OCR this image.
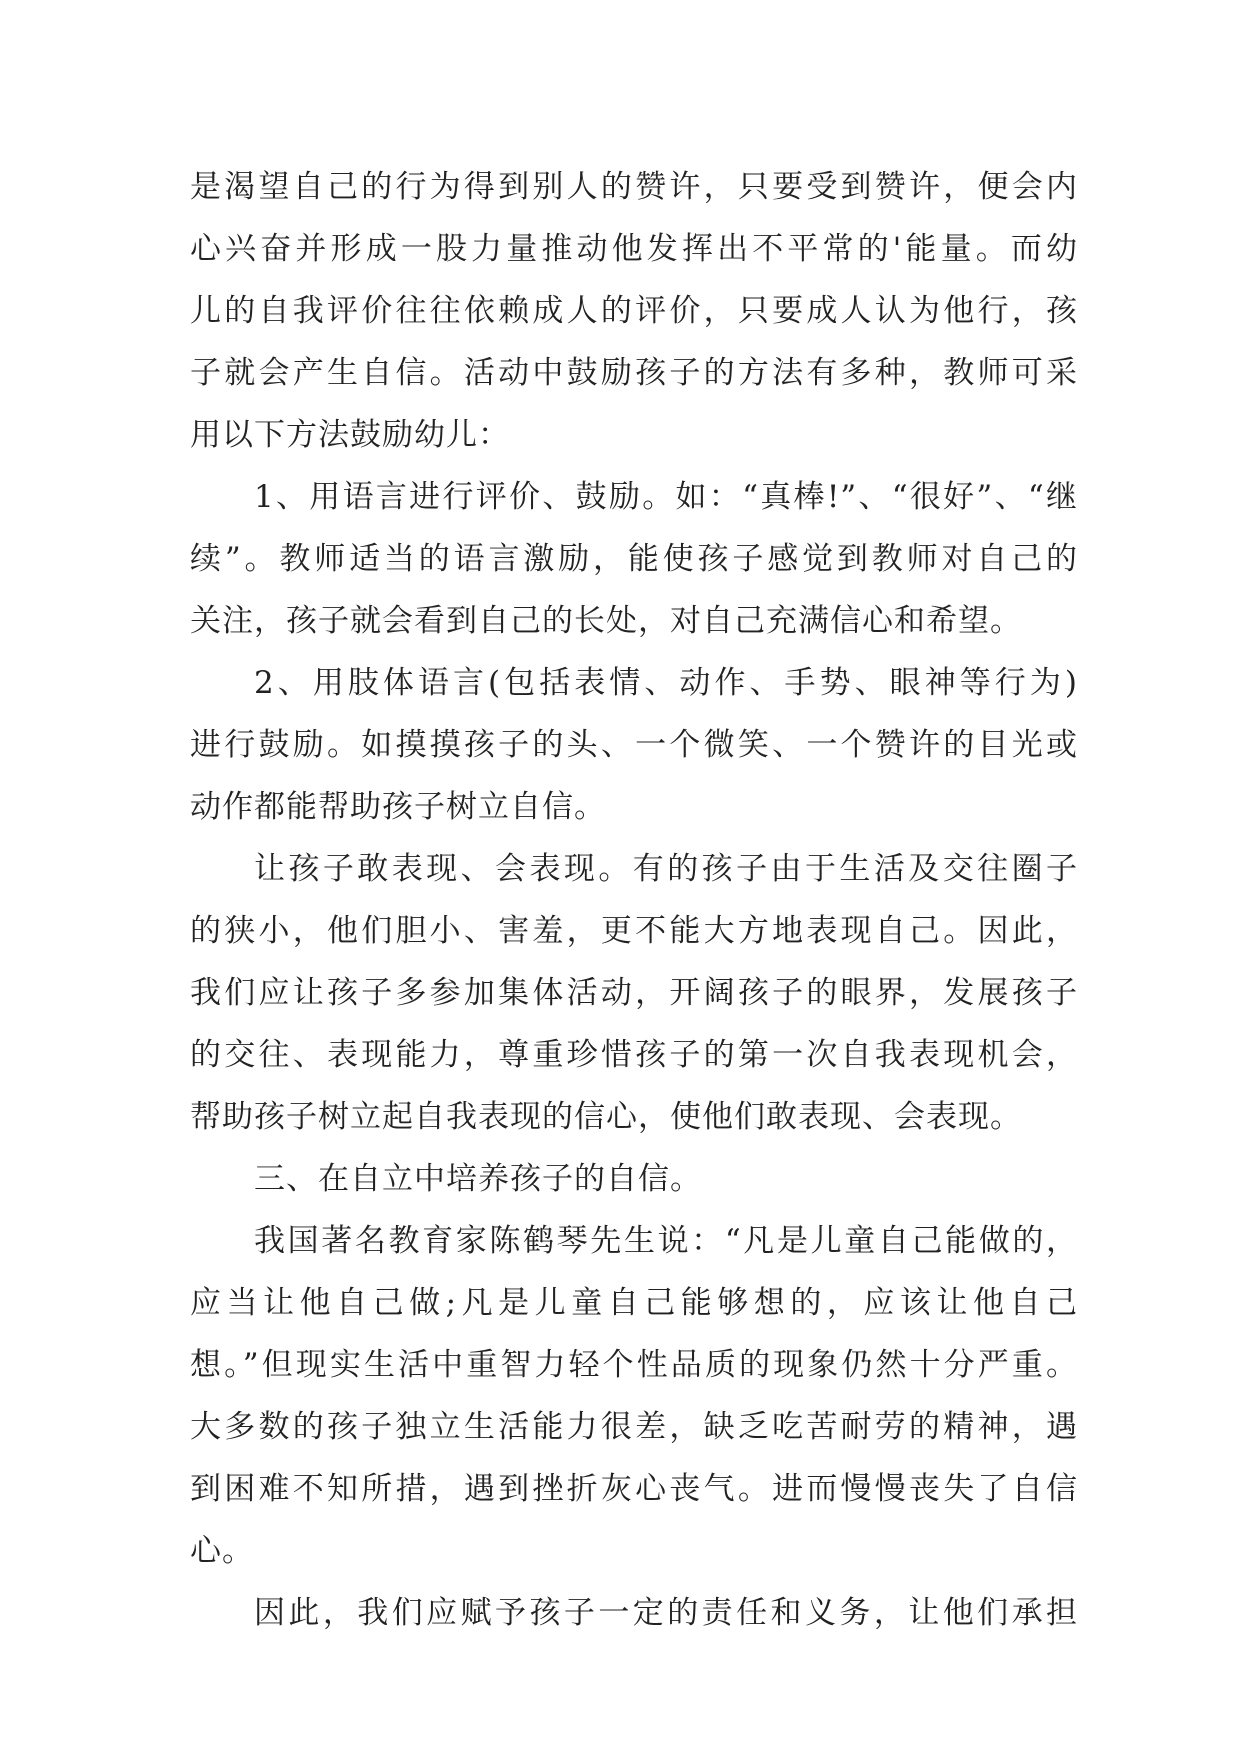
是渴望自己的行为得到别人的赞许，只要受到赞许，便会内
心兴奋并形成一股力量推动他发挥出不平常的'能量。而幼
儿的自我评价往往依赖成人的评价，只要成人认为他行，孩
子就会产生自信。活动中鼓励孩子的方法有多种，教师可采
用以下方法鼓励幼儿：
1、用语言进行评价、鼓励。如：“真棒!”、“很好”、“继
续”。教师适当的语言激励，能使孩子感觉到教师对自己的
关注，孩子就会看到自己的长处，对自己充满信心和希望。
2、用肢体语言(包括表情、动作、手势、眼神等行为)
进行鼓励。如摸摸孩子的头、一个微笑、一个赞许的目光或
动作都能帮助孩子树立自信。
让孩子敢表现、会表现。有的孩子由于生活及交往圈子
的狭小，他们胆小、害羞，更不能大方地表现自己。因此，
我们应让孩子多参加集体活动，开阔孩子的眼界，发展孩子
的交往、表现能力，尊重珍惜孩子的第一次自我表现机会，
帮助孩子树立起自我表现的信心，使他们敢表现、会表现。
三、在自立中培养孩子的自信。
我国著名教育家陈鹤琴先生说：“凡是儿童自己能做的，
应当让他自己做;凡是儿童自己能够想的，应该让他自己
想。”但现实生活中重智力轻个性品质的现象仍然十分严重。
大多数的孩子独立生活能力很差，缺乏吃苦耐劳的精神，遇
到困难不知所措，遇到挫折灰心丧气。进而慢慢丧失了自信
心。
因此，我们应赋予孩子一定的责任和义务，让他们承担
